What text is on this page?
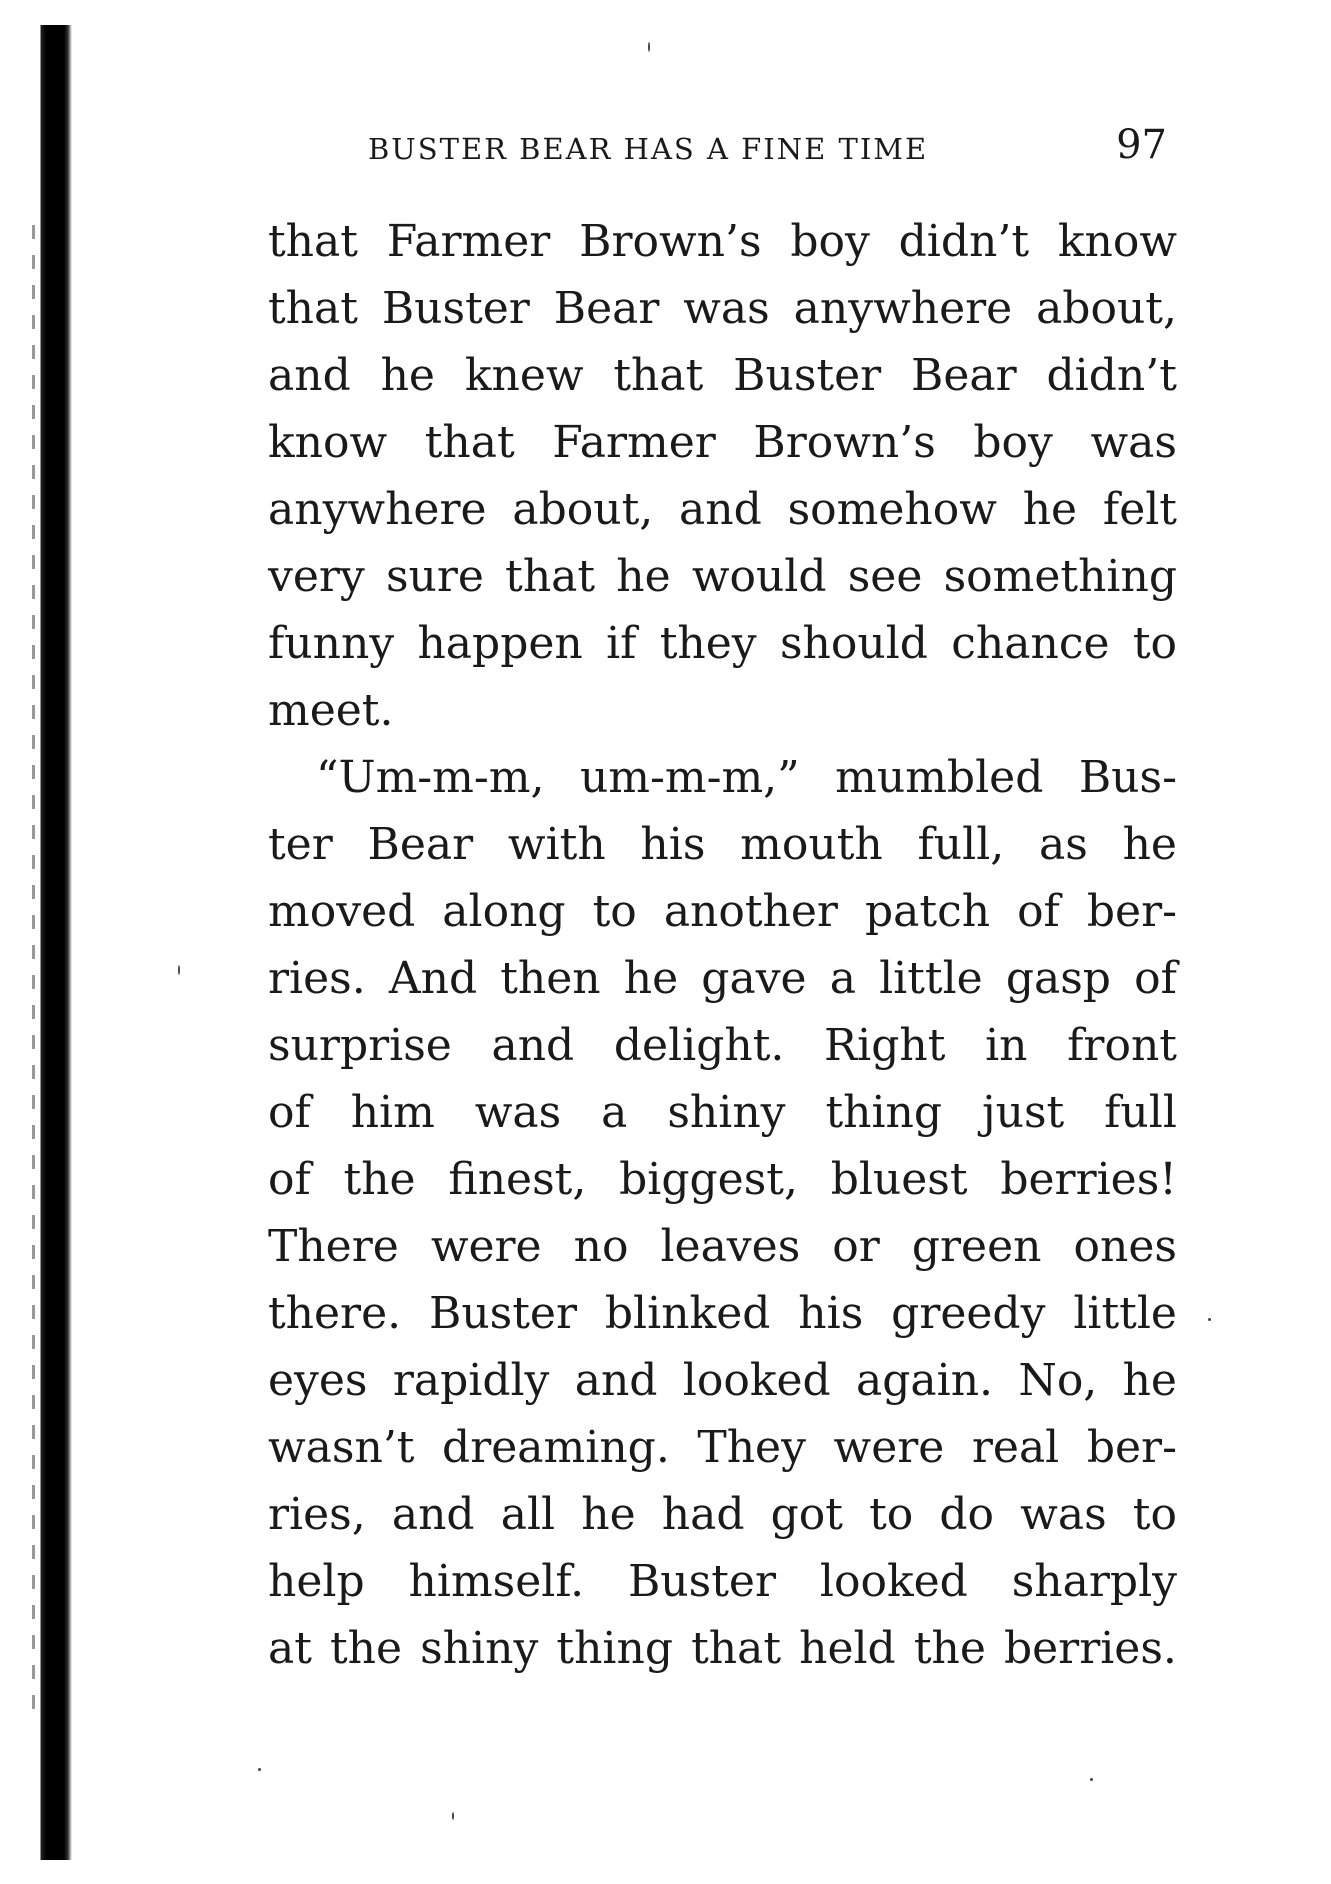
BUSTER BEAR HAS A FINE TIME	97
that Farmer Brown’s boy didn’t know
that Buster Bear was anywhere about,
and he knew that Buster Bear didn’t
know that Farmer Brown’s boy was
anywhere about, and somehow he felt
very sure that he would see something
funny happen if they should chance to
meet.
“Um-m-m, um-m-m,” mumbled Bus-
ter Bear with his mouth full, as he
moved along to another patch of ber-
ries. And then he gave a little gasp of
surprise and delight. Right in front
of him was a shiny thing just full
of the finest, biggest, bluest berries!
There were no leaves or green ones
there. Buster blinked his greedy little
eyes rapidly and looked again. No, he
wasn’t dreaming. They were real ber-
ries, and all he had got to do was to
help himself. Buster looked sharply
at the shiny thing that held the berries.
